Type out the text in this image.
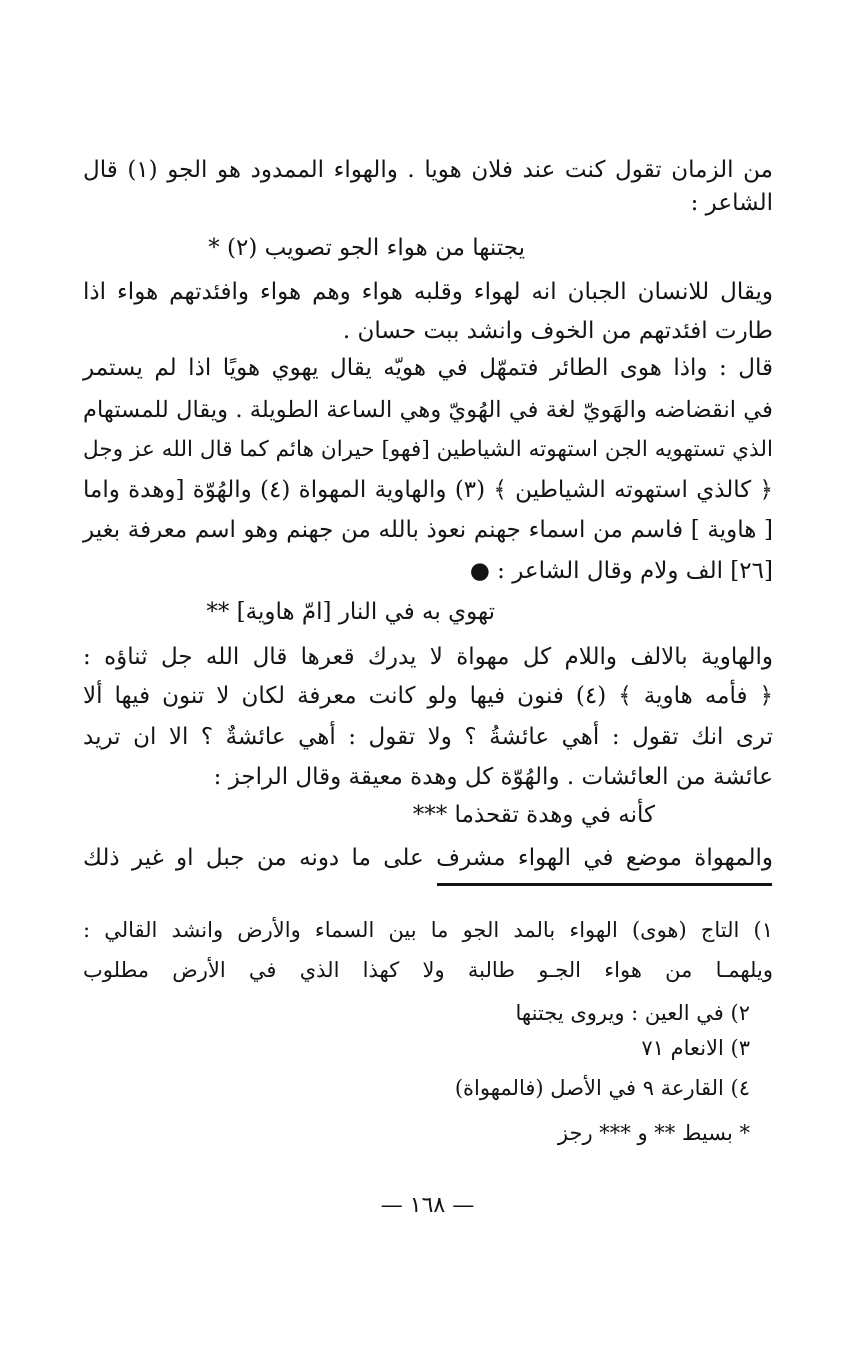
من الزمان تقول كنت عند فلان هويا . والهواء الممدود هو الجو (١) قال
الشاعر :
يجتنها من هواء الجو تصويب (٢) *
ويقال للانسان الجبان انه لهواء وقلبه هواء وهم هواء وافئدتهم هواء اذا
طارت افئدتهم من الخوف وانشد ببت حسان .
قال : واذا هوى الطائر فتمهّل في هويّه يقال يهوي هويًا اذا لم يستمر
في انقضاضه والهَويّ لغة في الهُويّ وهي الساعة الطويلة . ويقال للمستهام
الذي تستهويه الجن استهوته الشياطين [فهو] حيران هائم كما قال الله عز وجل
﴿ كالذي استهوته الشياطين ﴾ (٣) والهاوية المهواة (٤) والهُوّة [وهدة واما
[ هاوية ] فاسم من اسماء جهنم نعوذ بالله من جهنم وهو اسم معرفة بغير
[٢٦] الف ولام وقال الشاعر : ●
تهوي به في النار [امّ هاوية] **
والهاوية بالالف واللام كل مهواة لا يدرك قعرها قال الله جل ثناؤه :
﴿ فأمه هاوية ﴾ (٤) فنون فيها ولو كانت معرفة لكان لا تنون فيها ألا
ترى انك تقول : أهي عائشةُ ؟ ولا تقول : أهي عائشةٌ ؟ الا ان تريد
عائشة من العائشات . والهُوّة كل وهدة معيقة وقال الراجز :
كأنه في وهدة تقحذما ***
والمهواة موضع في الهواء مشرف على ما دونه من جبل او غير ذلك
١) التاج (هوى) الهواء بالمد الجو ما بين السماء والأرض وانشد القالي :
ويلهمـا من هواء الجـو طالبة ولا كهذا الذي في الأرض مطلوب
٢) في العين : ويروى يجتنها
٣) الانعام ٧١
٤) القارعة ٩ في الأصل (فالمهواة)
* بسيط ** و *** رجز
— ١٦٨ —
